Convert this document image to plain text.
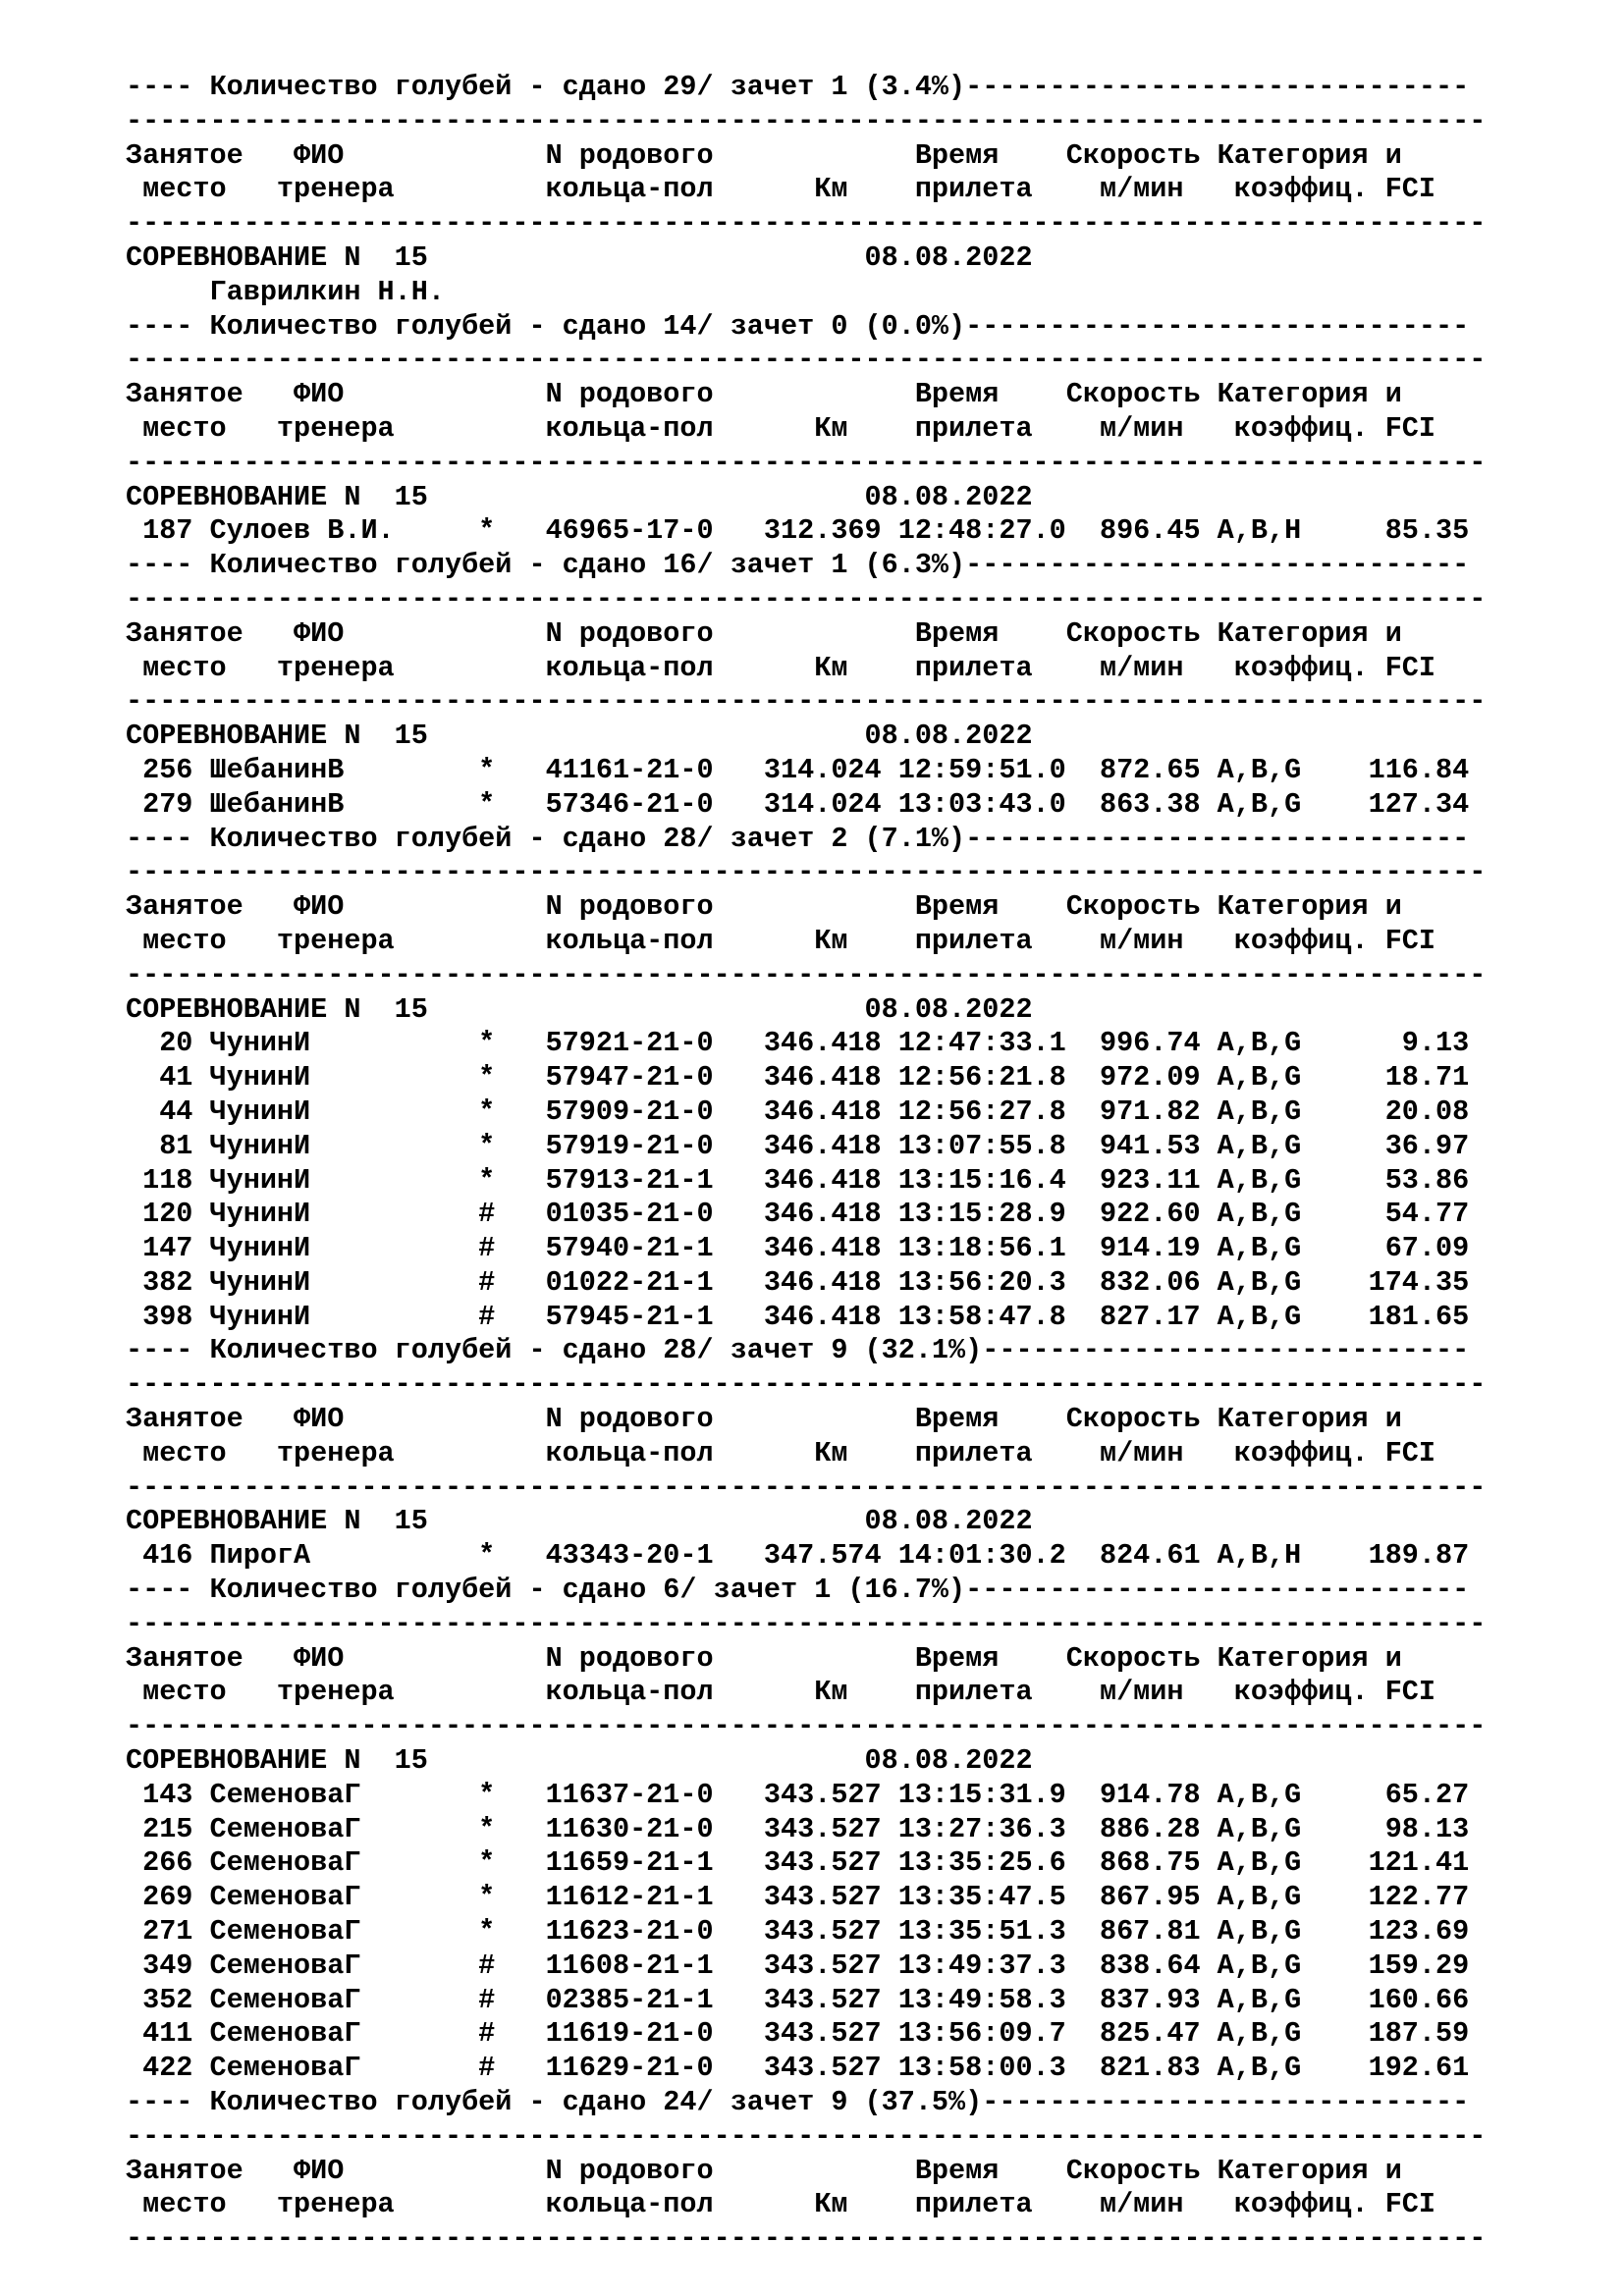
---- Количество голубей - сдано 29/ зачет 1 (3.4%)------------------------------
---------------------------------------------------------------------------------
Занятое   ФИО            N родового            Время    Скорость Категория и
место   тренера         кольца-пол      Км    прилета    м/мин   коэффиц. FCI
---------------------------------------------------------------------------------
СОРЕВНОВАНИЕ N  15                          08.08.2022
Гаврилкин Н.Н.
---- Количество голубей - сдано 14/ зачет 0 (0.0%)------------------------------
---------------------------------------------------------------------------------
Занятое   ФИО            N родового            Время    Скорость Категория и
место   тренера         кольца-пол      Км    прилета    м/мин   коэффиц. FCI
---------------------------------------------------------------------------------
СОРЕВНОВАНИЕ N  15                          08.08.2022
187 Сулоев В.И.     *   46965-17-0   312.369 12:48:27.0  896.45 A,B,H     85.35
---- Количество голубей - сдано 16/ зачет 1 (6.3%)------------------------------
---------------------------------------------------------------------------------
Занятое   ФИО            N родового            Время    Скорость Категория и
место   тренера         кольца-пол      Км    прилета    м/мин   коэффиц. FCI
---------------------------------------------------------------------------------
СОРЕВНОВАНИЕ N  15                          08.08.2022
256 ШебанинВ        *   41161-21-0   314.024 12:59:51.0  872.65 A,B,G    116.84
279 ШебанинВ        *   57346-21-0   314.024 13:03:43.0  863.38 A,B,G    127.34
---- Количество голубей - сдано 28/ зачет 2 (7.1%)------------------------------
---------------------------------------------------------------------------------
Занятое   ФИО            N родового            Время    Скорость Категория и
место   тренера         кольца-пол      Км    прилета    м/мин   коэффиц. FCI
---------------------------------------------------------------------------------
СОРЕВНОВАНИЕ N  15                          08.08.2022
20 ЧунинИ          *   57921-21-0   346.418 12:47:33.1  996.74 A,B,G      9.13
41 ЧунинИ          *   57947-21-0   346.418 12:56:21.8  972.09 A,B,G     18.71
44 ЧунинИ          *   57909-21-0   346.418 12:56:27.8  971.82 A,B,G     20.08
81 ЧунинИ          *   57919-21-0   346.418 13:07:55.8  941.53 A,B,G     36.97
118 ЧунинИ          *   57913-21-1   346.418 13:15:16.4  923.11 A,B,G     53.86
120 ЧунинИ          #   01035-21-0   346.418 13:15:28.9  922.60 A,B,G     54.77
147 ЧунинИ          #   57940-21-1   346.418 13:18:56.1  914.19 A,B,G     67.09
382 ЧунинИ          #   01022-21-1   346.418 13:56:20.3  832.06 A,B,G    174.35
398 ЧунинИ          #   57945-21-1   346.418 13:58:47.8  827.17 A,B,G    181.65
---- Количество голубей - сдано 28/ зачет 9 (32.1%)-----------------------------
---------------------------------------------------------------------------------
Занятое   ФИО            N родового            Время    Скорость Категория и
место   тренера         кольца-пол      Км    прилета    м/мин   коэффиц. FCI
---------------------------------------------------------------------------------
СОРЕВНОВАНИЕ N  15                          08.08.2022
416 ПирогА          *   43343-20-1   347.574 14:01:30.2  824.61 A,B,H    189.87
---- Количество голубей - сдано 6/ зачет 1 (16.7%)------------------------------
---------------------------------------------------------------------------------
Занятое   ФИО            N родового            Время    Скорость Категория и
место   тренера         кольца-пол      Км    прилета    м/мин   коэффиц. FCI
---------------------------------------------------------------------------------
СОРЕВНОВАНИЕ N  15                          08.08.2022
143 СеменоваГ       *   11637-21-0   343.527 13:15:31.9  914.78 A,B,G     65.27
215 СеменоваГ       *   11630-21-0   343.527 13:27:36.3  886.28 A,B,G     98.13
266 СеменоваГ       *   11659-21-1   343.527 13:35:25.6  868.75 A,B,G    121.41
269 СеменоваГ       *   11612-21-1   343.527 13:35:47.5  867.95 A,B,G    122.77
271 СеменоваГ       *   11623-21-0   343.527 13:35:51.3  867.81 A,B,G    123.69
349 СеменоваГ       #   11608-21-1   343.527 13:49:37.3  838.64 A,B,G    159.29
352 СеменоваГ       #   02385-21-1   343.527 13:49:58.3  837.93 A,B,G    160.66
411 СеменоваГ       #   11619-21-0   343.527 13:56:09.7  825.47 A,B,G    187.59
422 СеменоваГ       #   11629-21-0   343.527 13:58:00.3  821.83 A,B,G    192.61
---- Количество голубей - сдано 24/ зачет 9 (37.5%)-----------------------------
---------------------------------------------------------------------------------
Занятое   ФИО            N родового            Время    Скорость Категория и
место   тренера         кольца-пол      Км    прилета    м/мин   коэффиц. FCI
---------------------------------------------------------------------------------
